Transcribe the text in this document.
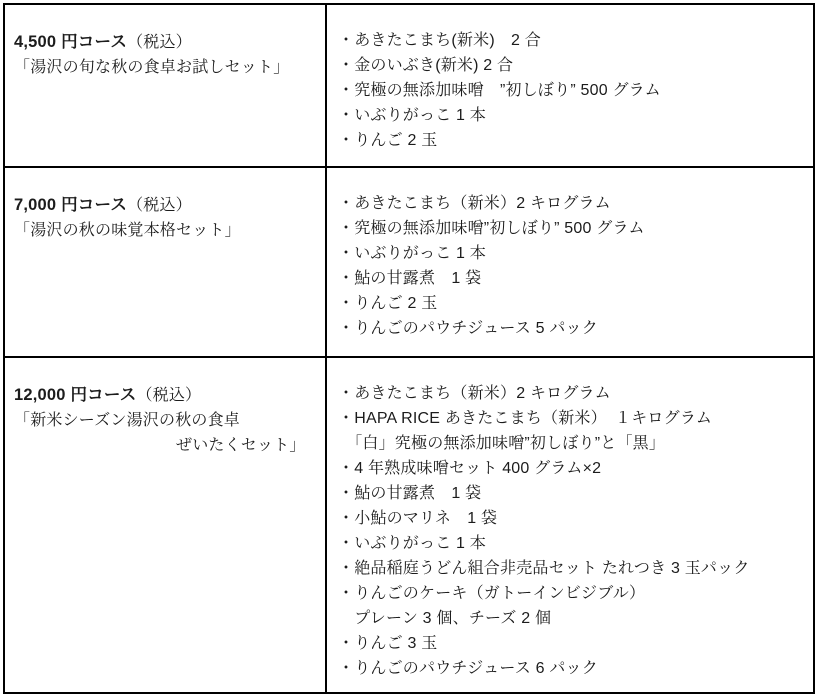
4,500 円コース（税込）
「湯沢の旬な秋の食卓お試しセット」
・あきたこまち(新米)　2 合
・金のいぶき(新米) 2 合
・究極の無添加味噌　”初しぼり” 500 グラム
・いぶりがっこ 1 本
・りんご 2 玉
7,000 円コース（税込）
「湯沢の秋の味覚本格セット」
・あきたこまち（新米）2 キログラム
・究極の無添加味噌”初しぼり” 500 グラム
・いぶりがっこ 1 本
・鮎の甘露煮　1 袋
・りんご 2 玉
・りんごのパウチジュース 5 パック
12,000 円コース（税込）
「新米シーズン湯沢の秋の食卓
　　　　　　　　　　ぜいたくセット」
・あきたこまち（新米）2 キログラム
・HAPA RICE あきたこまち（新米）　１キログラム
　「白」究極の無添加味噌”初しぼり”と「黒」
・4 年熟成味噌セット 400 グラム×2
・鮎の甘露煮　1 袋
・小鮎のマリネ　1 袋
・いぶりがっこ 1 本
・絶品稲庭うどん組合非売品セット たれつき 3 玉パック
・りんごのケーキ（ガトーインビジブル）
　プレーン 3 個、チーズ 2 個
・りんご 3 玉
・りんごのパウチジュース 6 パック
